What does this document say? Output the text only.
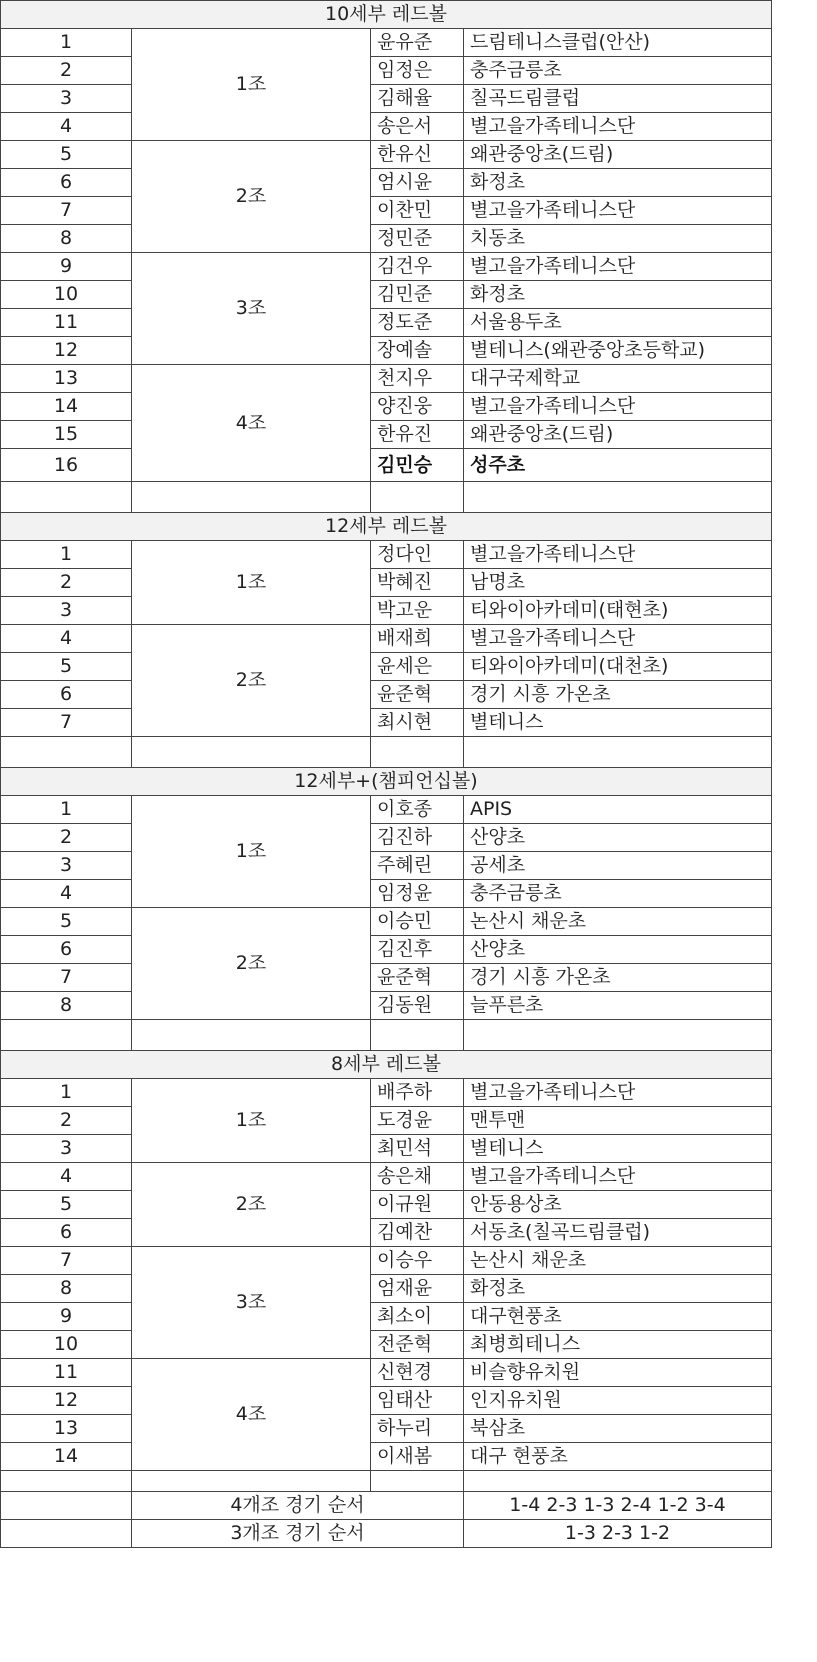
10세부 레드볼			
1	1조	윤유준	드림테니스클럽(안산)
2		임정은	충주금릉초
3		김해율	칠곡드림클럽
4		송은서	별고을가족테니스단
5	2조	한유신	왜관중앙초(드림)
6		엄시윤	화정초
7		이찬민	별고을가족테니스단
8		정민준	치동초
9	3조	김건우	별고을가족테니스단
10		김민준	화정초
11		정도준	서울용두초
12		장예솔	별테니스(왜관중앙초등학교)
13	4조	천지우	대구국제학교
14		양진웅	별고을가족테니스단
15		한유진	왜관중앙초(드림)
16		김민승	성주초

12세부 레드볼			
1	1조	정다인	별고을가족테니스단
2		박혜진	남명초
3		박고운	티와이아카데미(태현초)
4	2조	배재희	별고을가족테니스단
5		윤세은	티와이아카데미(대천초)
6		윤준혁	경기 시흥 가온초
7		최시현	별테니스

12세부+(챔피언십볼)			
1	1조	이호종	APIS
2		김진하	산양초
3		주혜린	공세초
4		임정윤	충주금릉초
5	2조	이승민	논산시 채운초
6		김진후	산양초
7		윤준혁	경기 시흥 가온초
8		김동원	늘푸른초

8세부 레드볼			
1	1조	배주하	별고을가족테니스단
2		도경윤	맨투맨
3		최민석	별테니스
4	2조	송은채	별고을가족테니스단
5		이규원	안동용상초
6		김예찬	서동초(칠곡드림클럽)
7	3조	이승우	논산시 채운초
8		엄재윤	화정초
9		최소이	대구현풍초
10		전준혁	최병희테니스
11	4조	신현경	비슬향유치원
12		임태산	인지유치원
13		하누리	북삼초
14		이새봄	대구 현풍초

	4개조 경기 순서		1-4 2-3 1-3 2-4 1-2 3-4
	3개조 경기 순서		1-3 2-3 1-2
